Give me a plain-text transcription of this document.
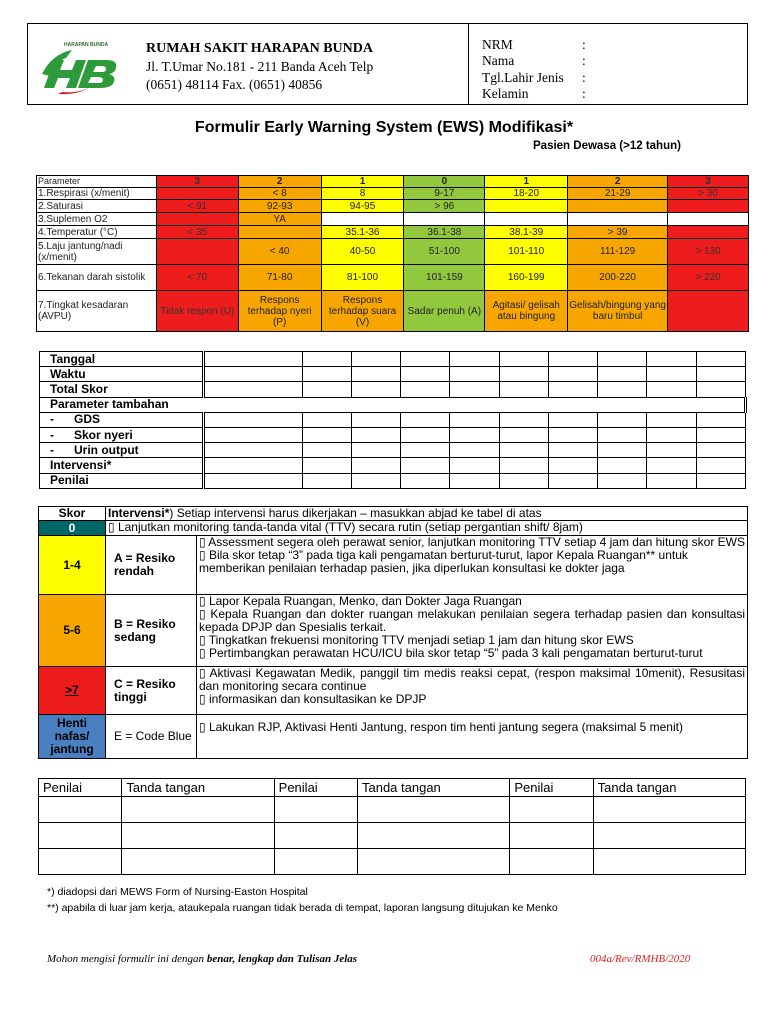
HARAPAN BUNDA	RUMAH SAKIT HARAPAN BUNDA
Jl. T.Umar No.181 - 211 Banda Aceh Telp
(0651) 48114 Fax. (0651) 40856
NRM	:
Nama	:
Tgl.Lahir Jenis :
Kelamin	:
Formulir Early Warning System (EWS) Modifikasi*
Pasien Dewasa (>12 tahun)
Parameter	3	2	1	0	1	2	3
1.Respirasi (x/menit)		< 8	8	9-17	18-20	21-29	> 30
2.Saturasi	< 91	92-93	94-95	> 96			
3.Suplemen O2		YA					
4.Temperatur (°C)	< 35		35.1-36	36.1-38	38.1-39	> 39	
5.Laju jantung/nadi (x/menit)		< 40	40-50	51-100	101-110	111-129	> 130
6.Tekanan darah sistolik	< 70	71-80	81-100	101-159	160-199	200-220	> 220
7.Tingkat kesadaran (AVPU)	Tidak respon (U)	Respons terhadap nyeri (P)	Respons terhadap suara (V)	Sadar penuh (A)	Agitasi/ gelisah atau bingung	Gelisah/bingung yang baru timbul	
Tanggal										
Waktu										
Total Skor										
Parameter tambahan										
- GDS										
- Skor nyeri										
- Urin output										
Intervensi*										
Penilai										
Skor	Intervensi*) Setiap intervensi harus dikerjakan – masukkan abjad ke tabel di atas	
0	▯ Lanjutkan monitoring tanda-tanda vital (TTV) secara rutin (setiap pergantian shift/ 8jam)	
1-4	A = Resiko rendah	▯ Assessment segera oleh perawat senior, lanjutkan monitoring TTV setiap 4 jam dan hitung skor EWS
▯ Bila skor tetap “3” pada tiga kali pengamatan berturut-turut, lapor Kepala Ruangan** untuk memberikan penilaian terhadap pasien, jika diperlukan konsultasi ke dokter jaga

5-6	B = Resiko sedang	▯ Lapor Kepala Ruangan, Menko, dan Dokter Jaga Ruangan
▯ Kepala Ruangan dan dokter ruangan melakukan penilaian segera terhadap pasien dan konsultasi kepada DPJP dan Spesialis terkait.
▯ Tingkatkan frekuensi monitoring TTV menjadi setiap 1 jam dan hitung skor EWS
▯ Pertimbangkan perawatan HCU/ICU bila skor tetap “5” pada 3 kali pengamatan berturut-turut

>7	C = Resiko tinggi	▯ Aktivasi Kegawatan Medik, panggil tim medis reaksi cepat, (respon maksimal 10menit), Resusitasi dan monitoring secara continue
▯ informasikan dan konsultasikan ke DPJP

Henti nafas/ jantung	E = Code Blue	▯ Lakukan RJP, Aktivasi Henti Jantung, respon tim henti jantung segera (maksimal 5 menit)
Penilai	Tanda tangan	Penilai	Tanda tangan	Penilai	Tanda tangan

*) diadopsi dari MEWS Form of Nursing-Easton Hospital
**) apabila di luar jam kerja, ataukepala ruangan tidak berada di tempat, laporan langsung ditujukan ke Menko
Mohon mengisi formulir ini dengan benar, lengkap dan Tulisan Jelas	004a/Rev/RMHB/2020
